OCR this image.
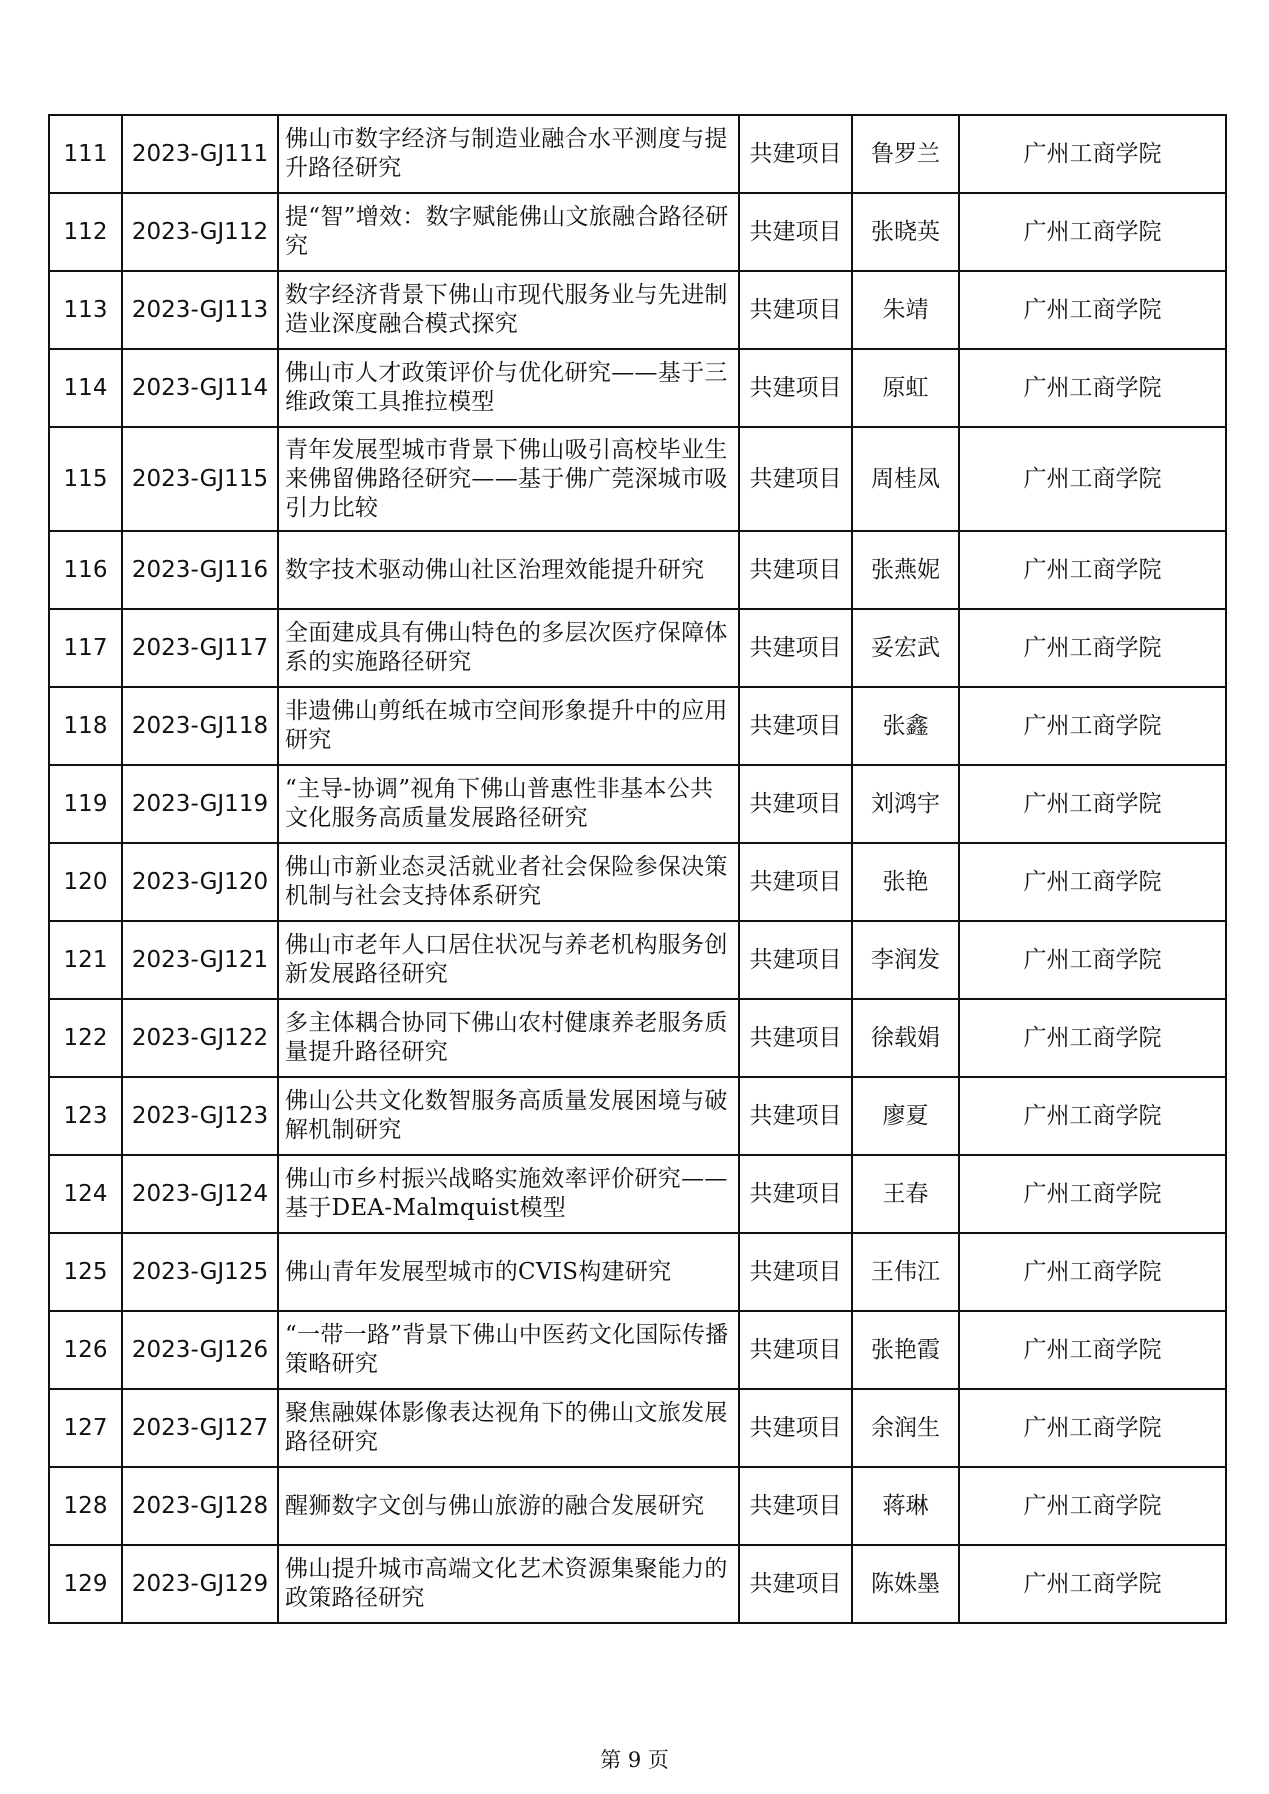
111	2023-GJ111	佛山市数字经济与制造业融合水平测度与提升路径研究	共建项目	鲁罗兰	广州工商学院
112	2023-GJ112	提“智”增效：数字赋能佛山文旅融合路径研究	共建项目	张晓英	广州工商学院
113	2023-GJ113	数字经济背景下佛山市现代服务业与先进制造业深度融合模式探究	共建项目	朱靖	广州工商学院
114	2023-GJ114	佛山市人才政策评价与优化研究——基于三维政策工具推拉模型	共建项目	原虹	广州工商学院
115	2023-GJ115	青年发展型城市背景下佛山吸引高校毕业生来佛留佛路径研究——基于佛广莞深城市吸引力比较	共建项目	周桂凤	广州工商学院
116	2023-GJ116	数字技术驱动佛山社区治理效能提升研究	共建项目	张燕妮	广州工商学院
117	2023-GJ117	全面建成具有佛山特色的多层次医疗保障体系的实施路径研究	共建项目	妥宏武	广州工商学院
118	2023-GJ118	非遗佛山剪纸在城市空间形象提升中的应用研究	共建项目	张鑫	广州工商学院
119	2023-GJ119	“主导-协调”视角下佛山普惠性非基本公共文化服务高质量发展路径研究	共建项目	刘鸿宇	广州工商学院
120	2023-GJ120	佛山市新业态灵活就业者社会保险参保决策机制与社会支持体系研究	共建项目	张艳	广州工商学院
121	2023-GJ121	佛山市老年人口居住状况与养老机构服务创新发展路径研究	共建项目	李润发	广州工商学院
122	2023-GJ122	多主体耦合协同下佛山农村健康养老服务质量提升路径研究	共建项目	徐载娟	广州工商学院
123	2023-GJ123	佛山公共文化数智服务高质量发展困境与破解机制研究	共建项目	廖夏	广州工商学院
124	2023-GJ124	佛山市乡村振兴战略实施效率评价研究——基于DEA-Malmquist模型	共建项目	王春	广州工商学院
125	2023-GJ125	佛山青年发展型城市的CVIS构建研究	共建项目	王伟江	广州工商学院
126	2023-GJ126	“一带一路”背景下佛山中医药文化国际传播策略研究	共建项目	张艳霞	广州工商学院
127	2023-GJ127	聚焦融媒体影像表达视角下的佛山文旅发展路径研究	共建项目	余润生	广州工商学院
128	2023-GJ128	醒狮数字文创与佛山旅游的融合发展研究	共建项目	蒋琳	广州工商学院
129	2023-GJ129	佛山提升城市高端文化艺术资源集聚能力的政策路径研究	共建项目	陈姝墨	广州工商学院
第 9 页
